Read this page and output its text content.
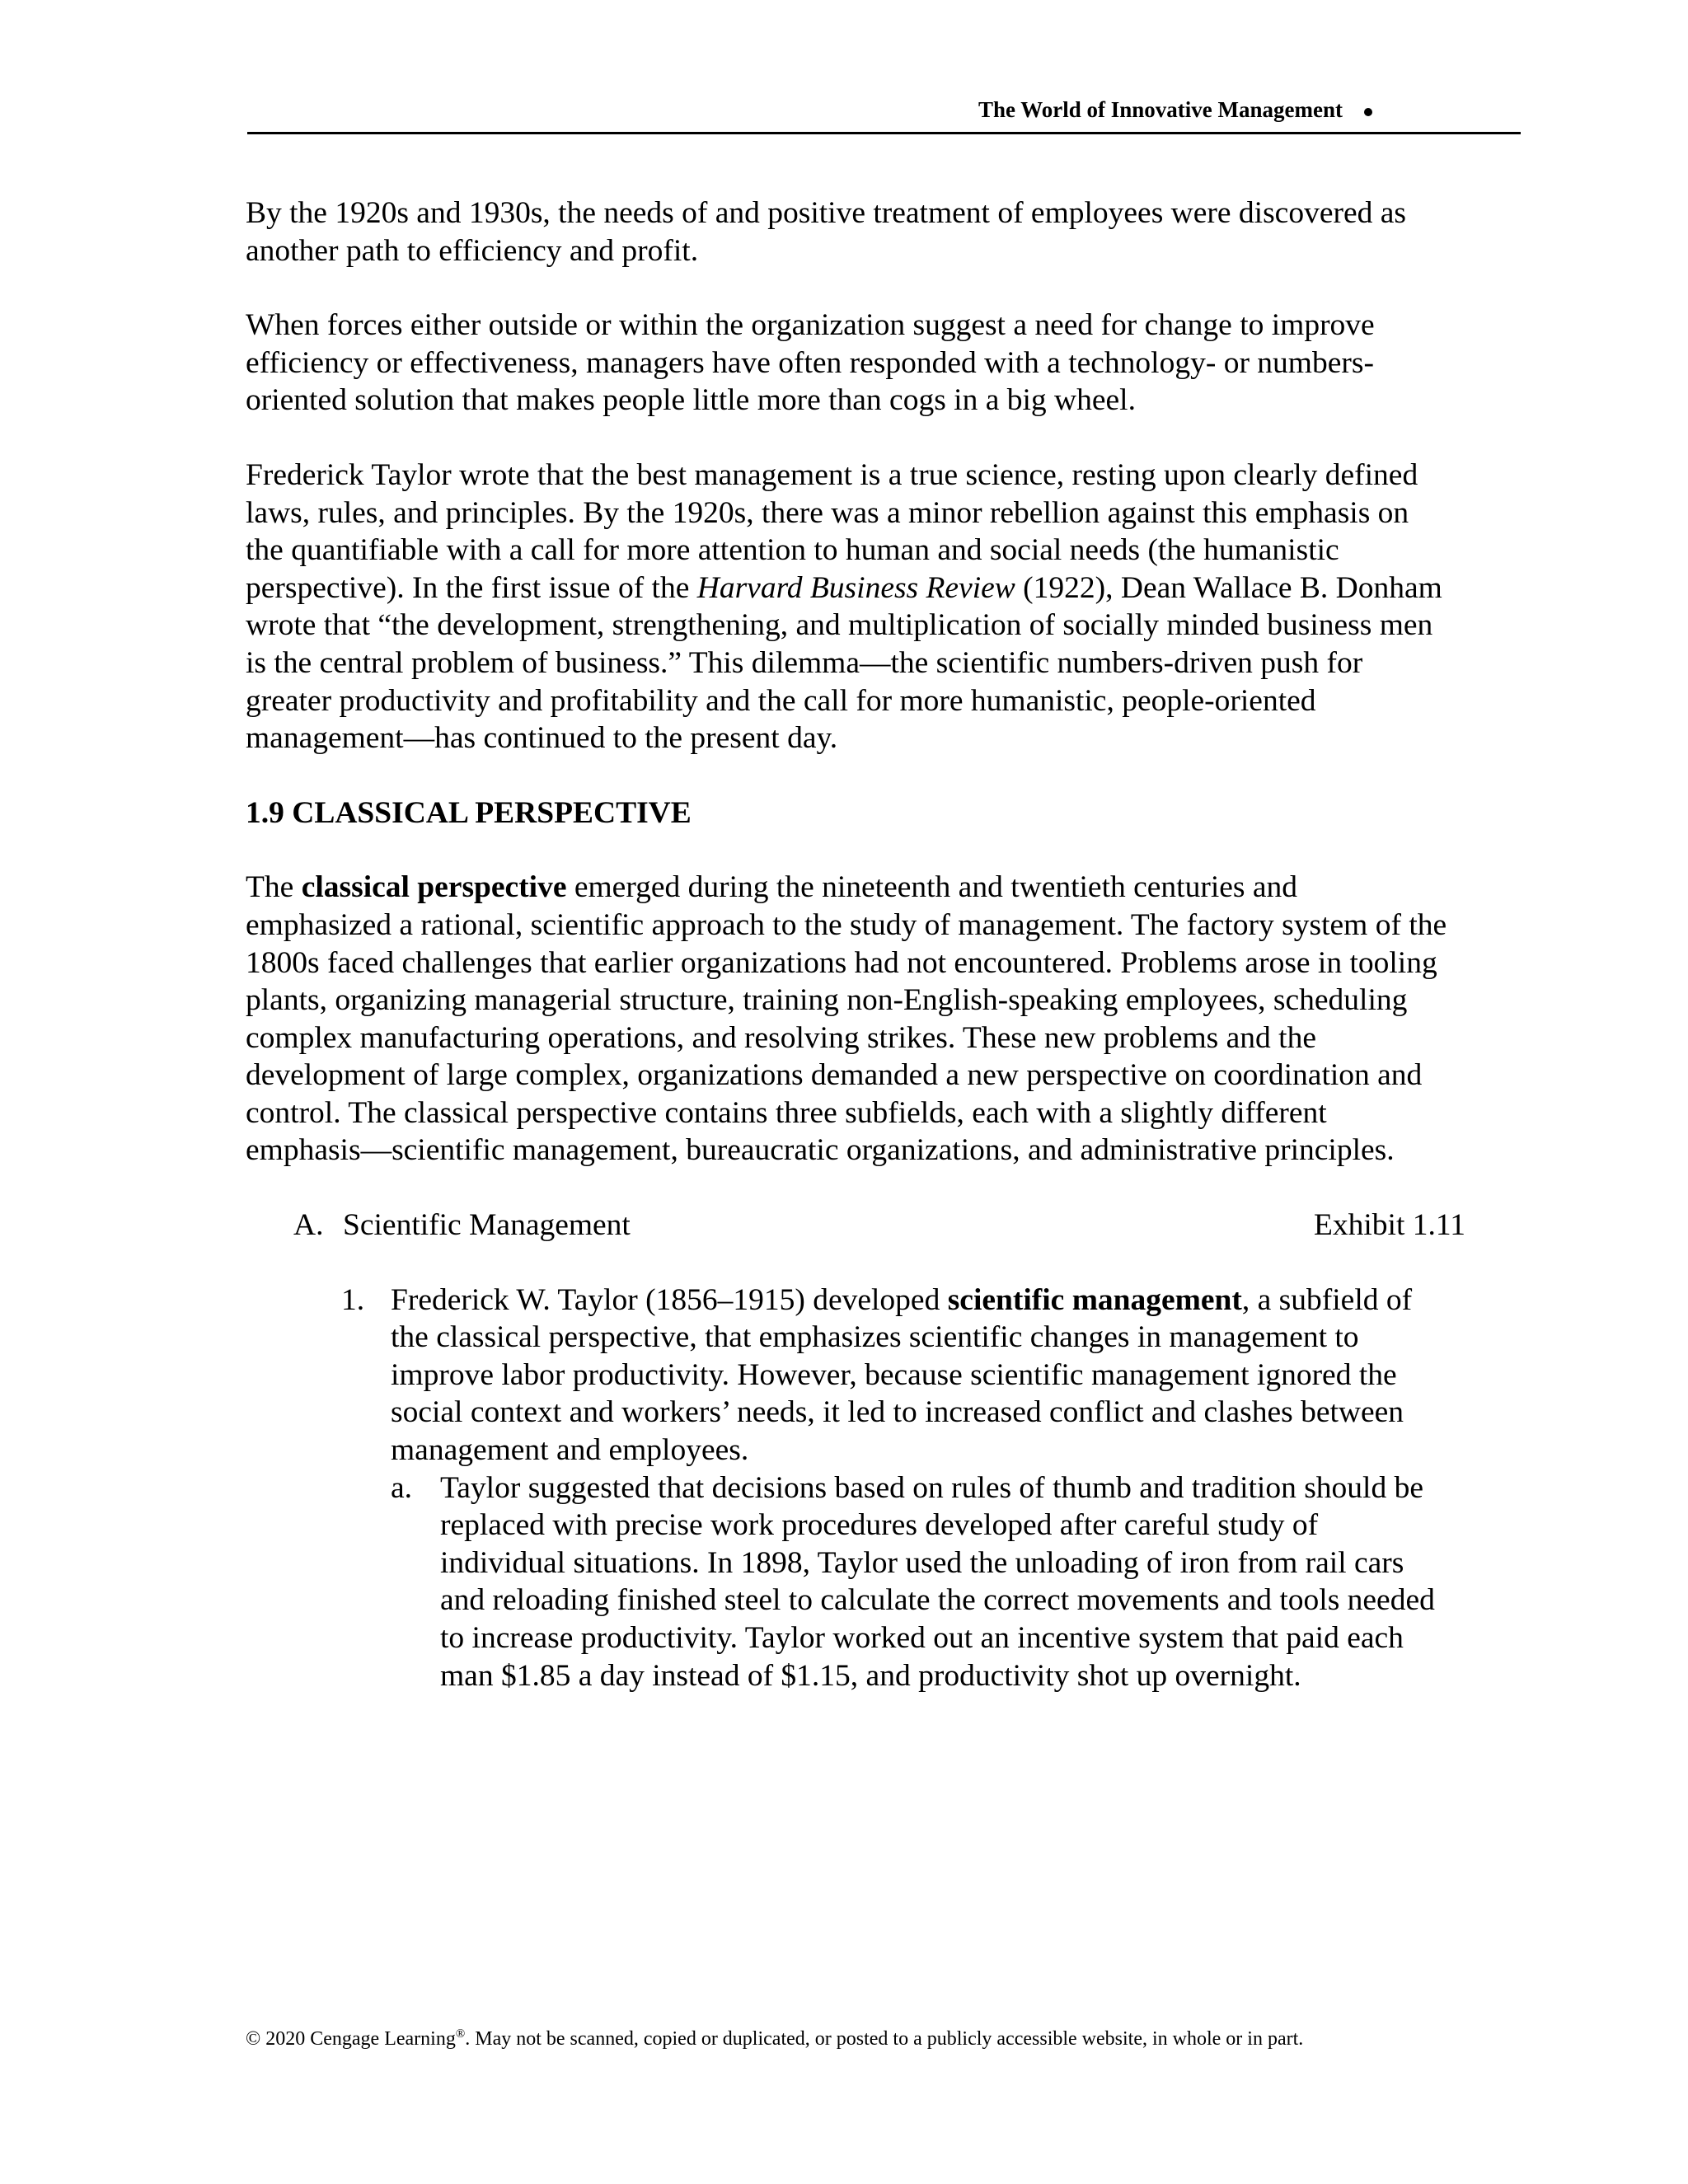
The World of Innovative Management

By the 1920s and 1930s, the needs of and positive treatment of employees were discovered as another path to efficiency and profit.

When forces either outside or within the organization suggest a need for change to improve efficiency or effectiveness, managers have often responded with a technology- or numbers-oriented solution that makes people little more than cogs in a big wheel.

Frederick Taylor wrote that the best management is a true science, resting upon clearly defined laws, rules, and principles. By the 1920s, there was a minor rebellion against this emphasis on the quantifiable with a call for more attention to human and social needs (the humanistic perspective). In the first issue of the Harvard Business Review (1922), Dean Wallace B. Donham wrote that “the development, strengthening, and multiplication of socially minded business men is the central problem of business.” This dilemma—the scientific numbers-driven push for greater productivity and profitability and the call for more humanistic, people-oriented management—has continued to the present day.

1.9 CLASSICAL PERSPECTIVE

The classical perspective emerged during the nineteenth and twentieth centuries and emphasized a rational, scientific approach to the study of management. The factory system of the 1800s faced challenges that earlier organizations had not encountered. Problems arose in tooling plants, organizing managerial structure, training non-English-speaking employees, scheduling complex manufacturing operations, and resolving strikes. These new problems and the development of large complex, organizations demanded a new perspective on coordination and control. The classical perspective contains three subfields, each with a slightly different emphasis—scientific management, bureaucratic organizations, and administrative principles.

A. Scientific Management	Exhibit 1.11
1. Frederick W. Taylor (1856–1915) developed scientific management, a subfield of the classical perspective, that emphasizes scientific changes in management to improve labor productivity. However, because scientific management ignored the social context and workers’ needs, it led to increased conflict and clashes between management and employees.
a. Taylor suggested that decisions based on rules of thumb and tradition should be replaced with precise work procedures developed after careful study of individual situations. In 1898, Taylor used the unloading of iron from rail cars and reloading finished steel to calculate the correct movements and tools needed to increase productivity. Taylor worked out an incentive system that paid each man $1.85 a day instead of $1.15, and productivity shot up overnight.
© 2020 Cengage Learning®. May not be scanned, copied or duplicated, or posted to a publicly accessible website, in whole or in part.
